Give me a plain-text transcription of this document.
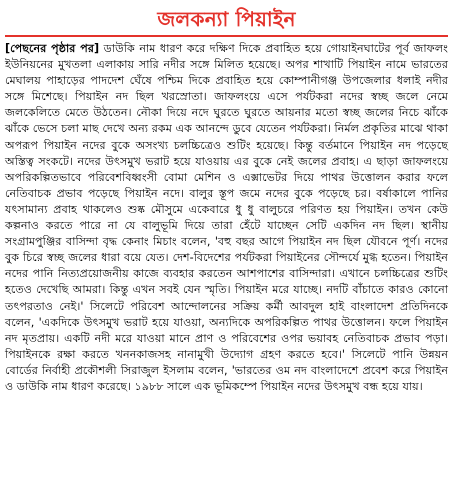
জলকন্যা পিয়াইন

[পেছনের পৃষ্ঠার পর] ডাউকি নাম ধারণ করে দক্ষিণ দিকে প্রবাহিত হয়ে গোয়াইনঘাটের পূর্ব জাফলং ইউনিয়নের মুখতলা এলাকায় সারি নদীর সঙ্গে মিলিত হয়েছে। অপর শাখাটি পিয়াইন নামে ভারতের মেঘালয় পাহাড়ের পাদদেশ ঘেঁষে পশ্চিম দিকে প্রবাহিত হয়ে কোম্পানীগঞ্জ উপজেলার ধলাই নদীর সঙ্গে মিশেছে। পিয়াইন নদ ছিল খরস্রোতা। জাফলংয়ে এসে পর্যটকরা নদের স্বচ্ছ জলে নেমে জলকেলিতে মেতে উঠতেন। নৌকা দিয়ে নদে ঘুরতে ঘুরতে আয়নার মতো স্বচ্ছ জলের নিচে ঝাঁকে ঝাঁকে ভেসে চলা মাছ দেখে অন্য রকম এক আনন্দে ডুবে যেতেন পর্যটকরা। নির্মল প্রকৃতির মাঝে থাকা অপরূপ পিয়াইন নদের বুকে অসংখ্য চলচ্চিত্রেও শুটিং হয়েছে। কিন্তু বর্তমানে পিয়াইন নদ পড়েছে অস্তিত্ব সংকটে। নদের উৎসমুখ ভরাট হয়ে যাওয়ায় এর বুকে নেই জলের প্রবাহ। এ ছাড়া জাফলংয়ে অপরিকল্পিতভাবে পরিবেশবিধ্বংসী বোমা মেশিন ও এক্সাভেটর দিয়ে পাথর উত্তোলন করার ফলে নেতিবাচক প্রভাব পড়েছে পিয়াইন নদে। বালুর স্তূপ জমে নদের বুকে পড়েছে চর। বর্ষাকালে পানির যৎসামান্য প্রবাহ থাকলেও শুষ্ক মৌসুমে একেবারে ধু ধু বালুচরে পরিণত হয় পিয়াইন। তখন কেউ কল্পনাও করতে পারে না যে বালুভূমি দিয়ে তারা হেঁটে যাচ্ছেন সেটি একদিন নদ ছিল। স্থানীয় সংগ্রামপুঞ্জির বাসিন্দা বৃদ্ধ কেনাং মিচাং বলেন, 'বহু বছর আগে পিয়াইন নদ ছিল যৌবনে পূর্ণ। নদের বুক চিরে স্বচ্ছ জলের ধারা বয়ে যেত। দেশ-বিদেশের পর্যটকরা পিয়াইনের সৌন্দর্যে মুগ্ধ হতেন। পিয়াইন নদের পানি নিত্যপ্রয়োজনীয় কাজে ব্যবহার করতেন আশপাশের বাসিন্দারা। এখানে চলচ্চিত্রের শুটিং হতেও দেখেছি আমরা। কিন্তু এখন সবই যেন স্মৃতি। পিয়াইন মরে যাচ্ছে। নদটি বাঁচাতে কারও কোনো তৎপরতাও নেই।' সিলেটে পরিবেশ আন্দোলনের সক্রিয় কর্মী আবদুল হাই বাংলাদেশ প্রতিদিনকে বলেন, 'একদিকে উৎসমুখ ভরাট হয়ে যাওয়া, অন্যদিকে অপরিকল্পিত পাথর উত্তোলন। ফলে পিয়াইন নদ মৃতপ্রায়। একটি নদী মরে যাওয়া মানে প্রাণ ও পরিবেশের ওপর ভয়াবহ নেতিবাচক প্রভাব পড়া। পিয়াইনকে রক্ষা করতে খননকাজসহ নানামুখী উদ্যোগ গ্রহণ করতে হবে।' সিলেটে পানি উন্নয়ন বোর্ডের নির্বাহী প্রকৌশলী সিরাজুল ইসলাম বলেন, 'ভারতের ওম নদ বাংলাদেশে প্রবেশ করে পিয়াইন ও ডাউকি নাম ধারণ করেছে। ১৯৮৮ সালে এক ভূমিকম্পে পিয়াইন নদের উৎসমুখ বন্ধ হয়ে যায়।
